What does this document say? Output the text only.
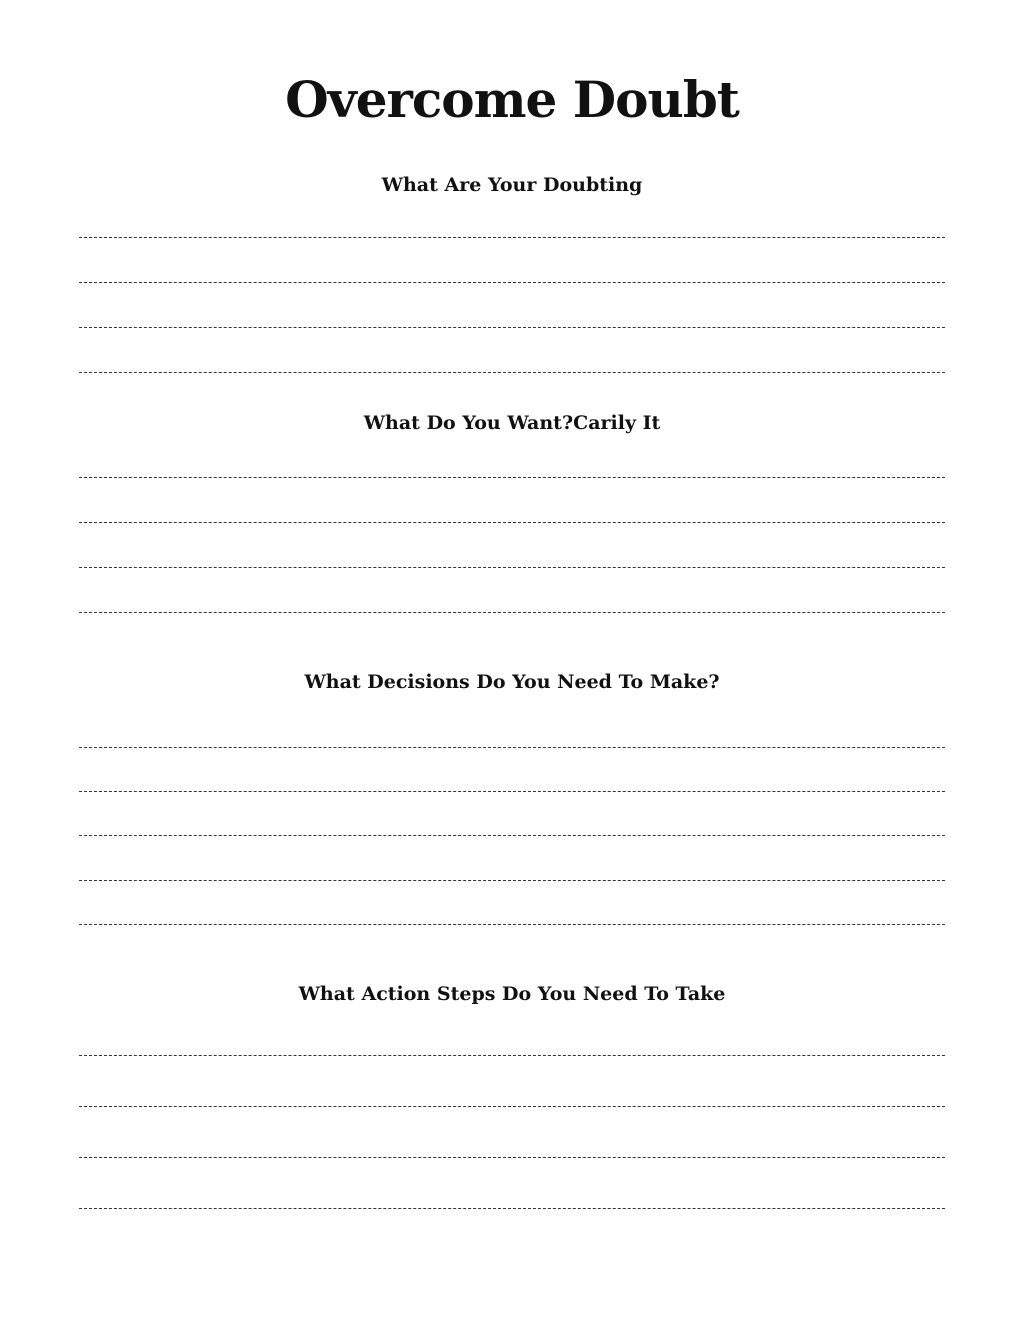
Overcome Doubt
What Are Your Doubting
What Do You Want?Carily It
What Decisions Do You Need To Make?
What Action Steps Do You Need To Take
